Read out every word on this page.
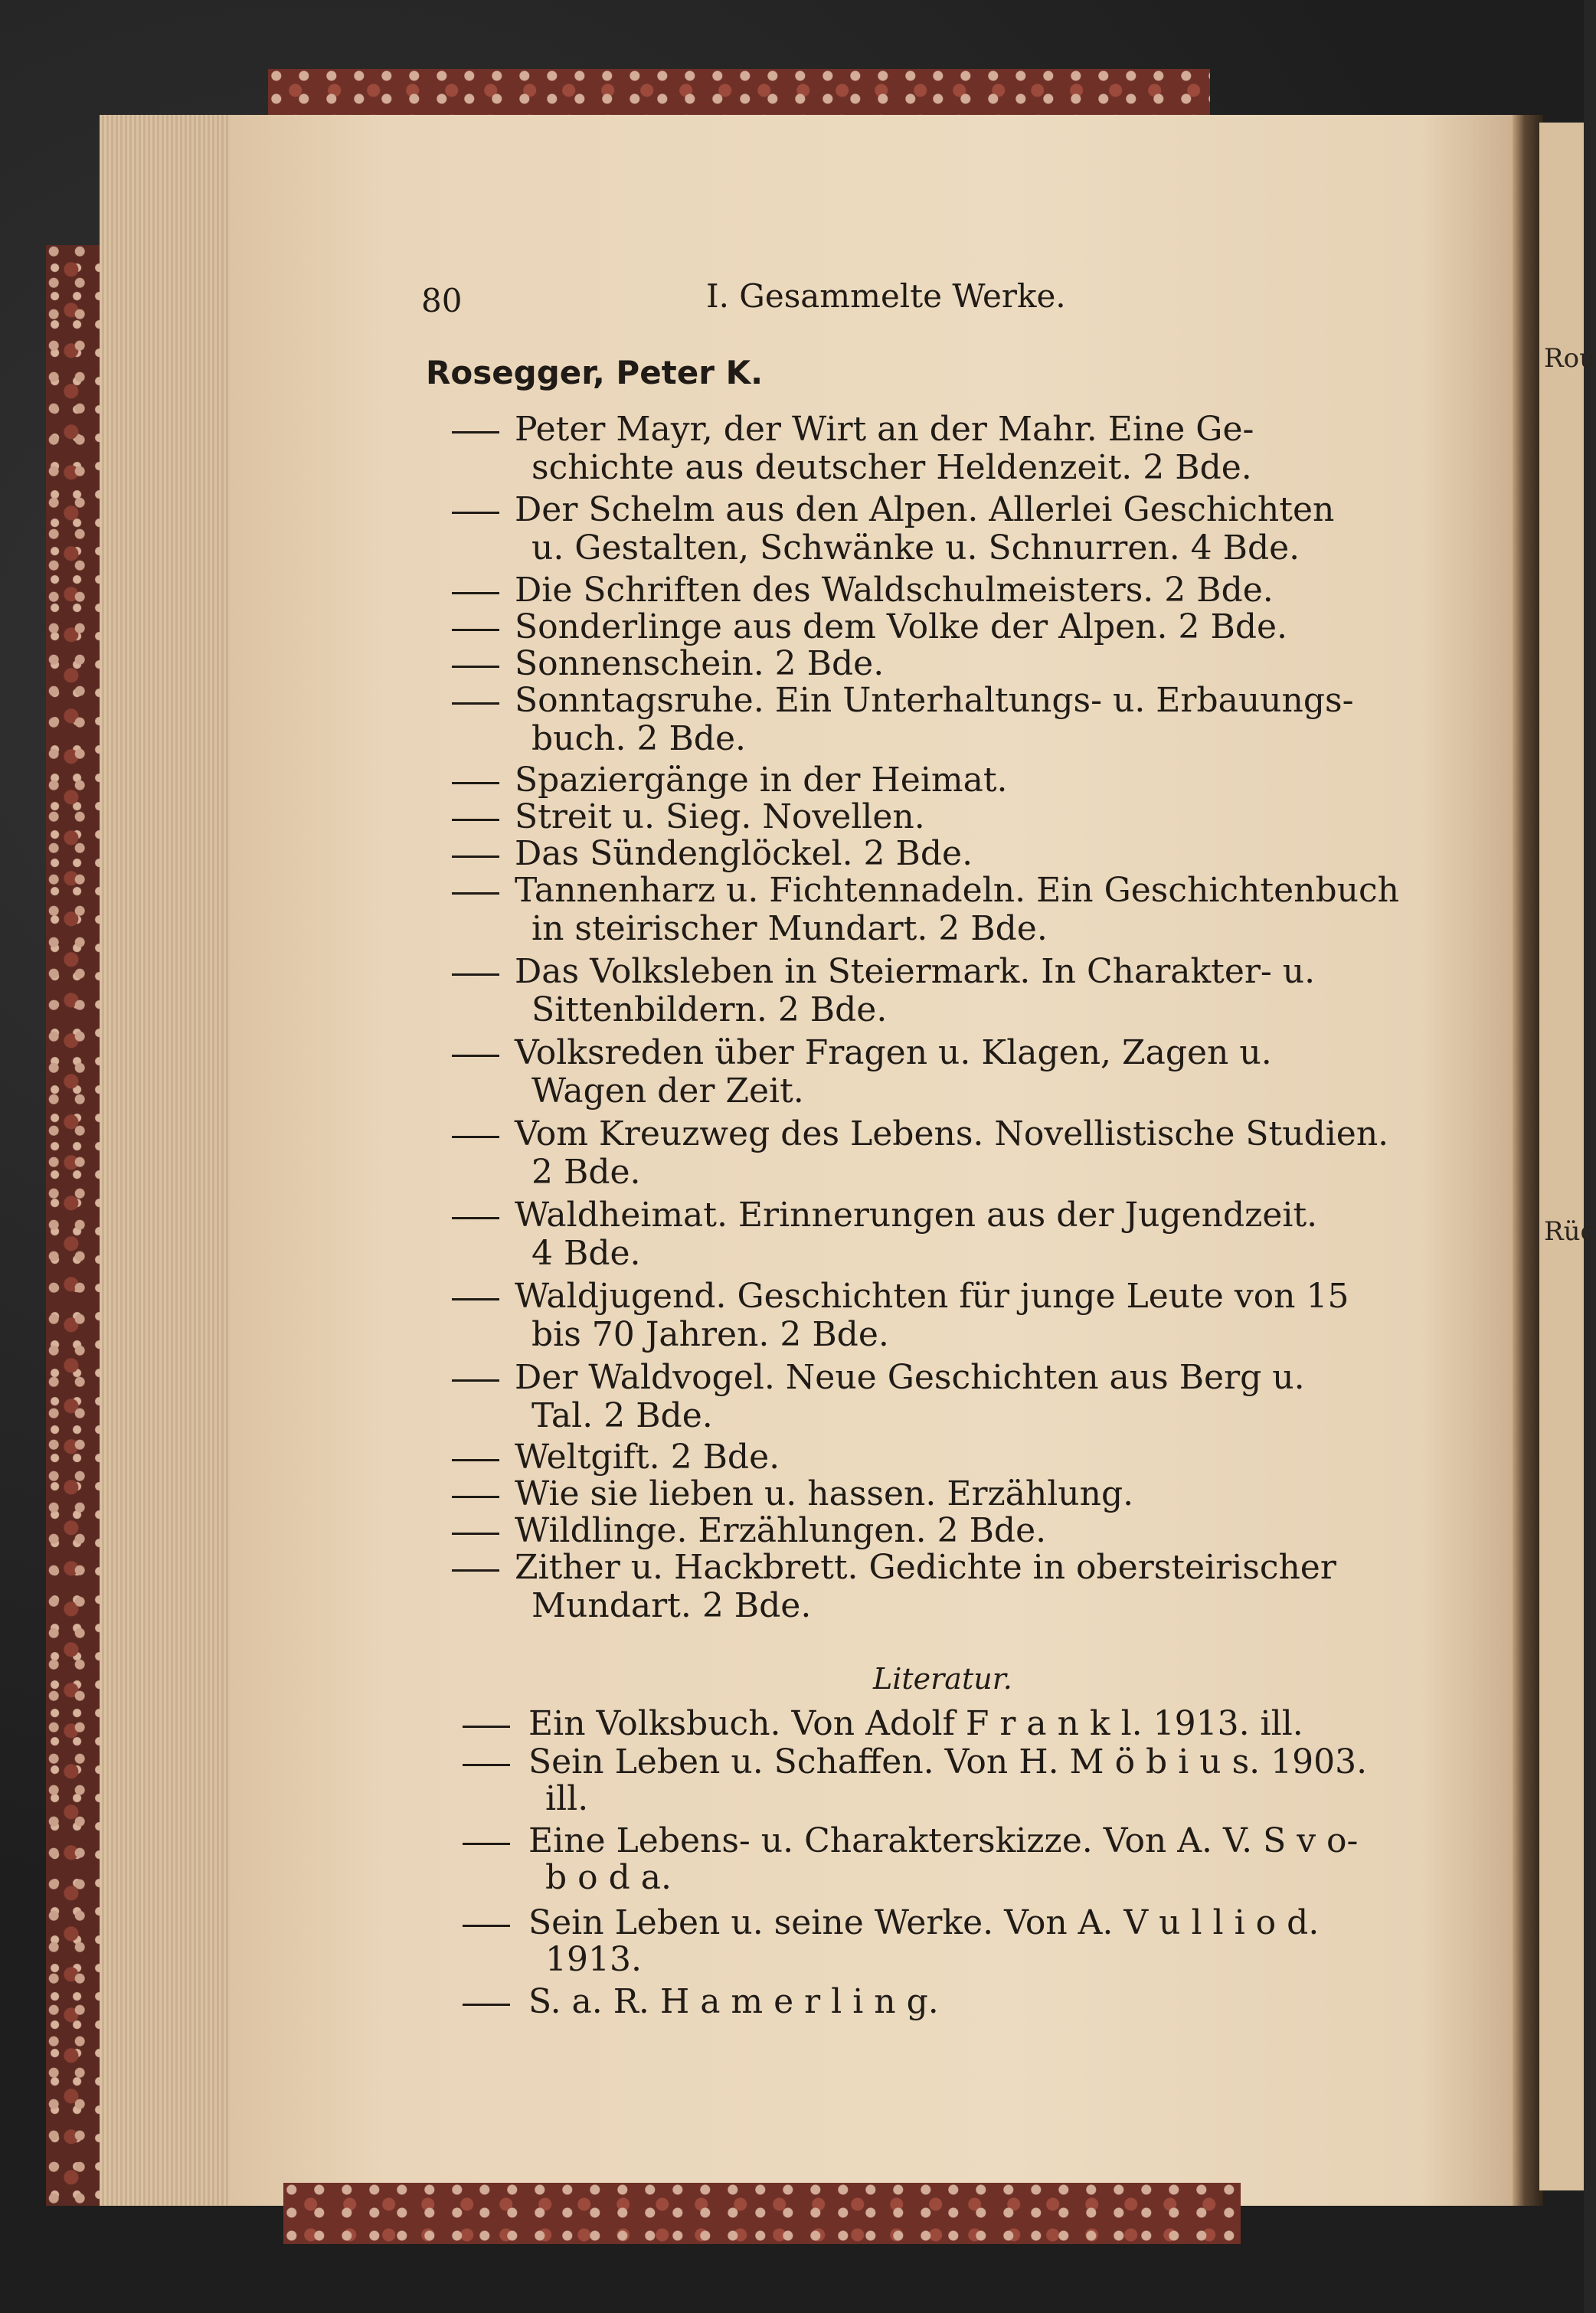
Rou
Rüc
80	I. Gesammelte Werke.
Rosegger, Peter K.
Peter Mayr, der Wirt an der Mahr. Eine Ge-
schichte aus deutscher Heldenzeit. 2 Bde.
Der Schelm aus den Alpen. Allerlei Geschichten
u. Gestalten, Schwänke u. Schnurren. 4 Bde.
Die Schriften des Waldschulmeisters. 2 Bde.
Sonderlinge aus dem Volke der Alpen. 2 Bde.
Sonnenschein. 2 Bde.
Sonntagsruhe. Ein Unterhaltungs- u. Erbauungs-
buch. 2 Bde.
Spaziergänge in der Heimat.
Streit u. Sieg. Novellen.
Das Sündenglöckel. 2 Bde.
Tannenharz u. Fichtennadeln. Ein Geschichtenbuch
in steirischer Mundart. 2 Bde.
Das Volksleben in Steiermark. In Charakter- u.
Sittenbildern. 2 Bde.
Volksreden über Fragen u. Klagen, Zagen u.
Wagen der Zeit.
Vom Kreuzweg des Lebens. Novellistische Studien.
2 Bde.
Waldheimat. Erinnerungen aus der Jugendzeit.
4 Bde.
Waldjugend. Geschichten für junge Leute von 15
bis 70 Jahren. 2 Bde.
Der Waldvogel. Neue Geschichten aus Berg u.
Tal. 2 Bde.
Weltgift. 2 Bde.
Wie sie lieben u. hassen. Erzählung.
Wildlinge. Erzählungen. 2 Bde.
Zither u. Hackbrett. Gedichte in obersteirischer
Mundart. 2 Bde.
Literatur.
Ein Volksbuch. Von Adolf F r a n k l. 1913. ill.
Sein Leben u. Schaffen. Von H. M ö b i u s. 1903.
ill.
Eine Lebens- u. Charakterskizze. Von A. V. S v o-
b o d a.
Sein Leben u. seine Werke. Von A. V u l l i o d.
1913.
S. a. R. H a m e r l i n g.
